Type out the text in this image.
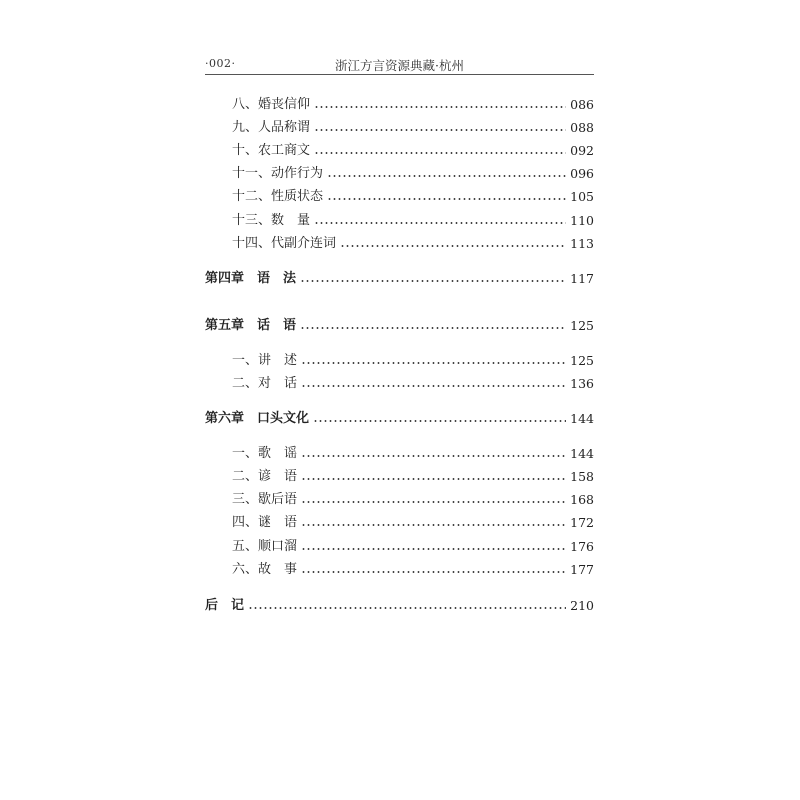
·002·	浙江方言资源典藏·杭州
八、婚丧信仰	086
九、人品称谓	088
十、农工商文	092
十一、动作行为	096
十二、性质状态	105
十三、数　量	110
十四、代副介连词	113
第四章　语　法	117
第五章　话　语	125
一、讲　述	125
二、对　话	136
第六章　口头文化	144
一、歌　谣	144
二、谚　语	158
三、歇后语	168
四、谜　语	172
五、顺口溜	176
六、故　事	177
后　记	210
